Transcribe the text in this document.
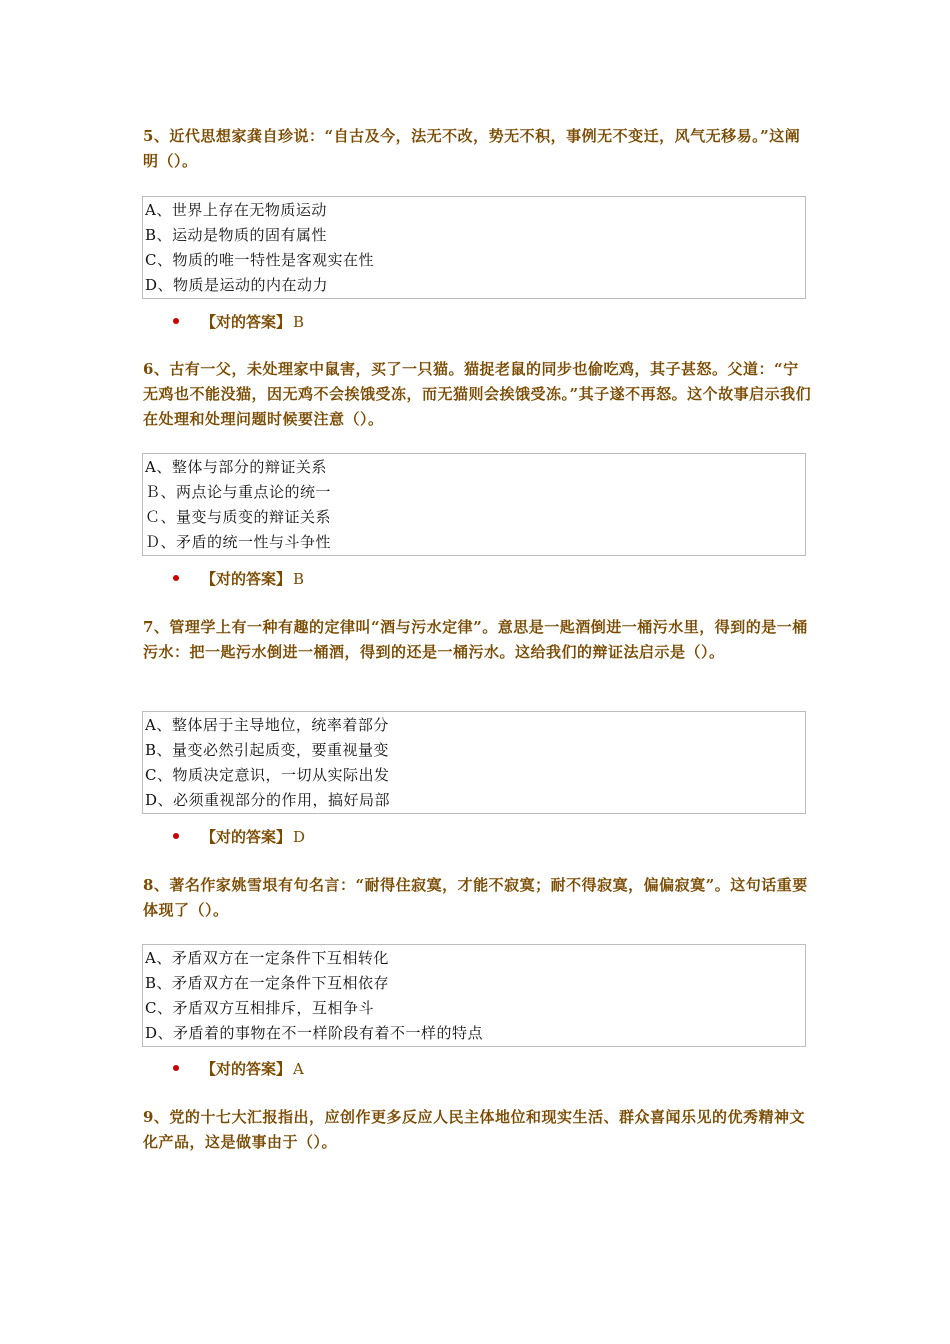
5、近代思想家龚自珍说：“自古及今，法无不改，势无不积，事例无不变迁，风气无移易。”这阐明（）。
A、世界上存在无物质运动
B、运动是物质的固有属性
C、物质的唯一特性是客观实在性
D、物质是运动的内在动力
【对的答案】 B
6、古有一父，未处理家中鼠害，买了一只猫。猫捉老鼠的同步也偷吃鸡，其子甚怒。父道：“宁无鸡也不能没猫，因无鸡不会挨饿受冻，而无猫则会挨饿受冻。”其子遂不再怒。这个故事启示我们在处理和处理问题时候要注意（）。
A、整体与部分的辩证关系
Ｂ、两点论与重点论的统一
Ｃ、量变与质变的辩证关系
Ｄ、矛盾的统一性与斗争性
【对的答案】 B
7、管理学上有一种有趣的定律叫“酒与污水定律”。意思是一匙酒倒进一桶污水里，得到的是一桶污水：把一匙污水倒进一桶酒，得到的还是一桶污水。这给我们的辩证法启示是（）。
A、整体居于主导地位，统率着部分
B、量变必然引起质变，要重视量变
C、物质决定意识，一切从实际出发
D、必须重视部分的作用，搞好局部
【对的答案】 D
8、著名作家姚雪垠有句名言：“耐得住寂寞，才能不寂寞；耐不得寂寞，偏偏寂寞”。这句话重要体现了（）。
A、矛盾双方在一定条件下互相转化
B、矛盾双方在一定条件下互相依存
C、矛盾双方互相排斥，互相争斗
D、矛盾着的事物在不一样阶段有着不一样的特点
【对的答案】 A
9、党的十七大汇报指出，应创作更多反应人民主体地位和现实生活、群众喜闻乐见的优秀精神文化产品，这是做事由于（）。
